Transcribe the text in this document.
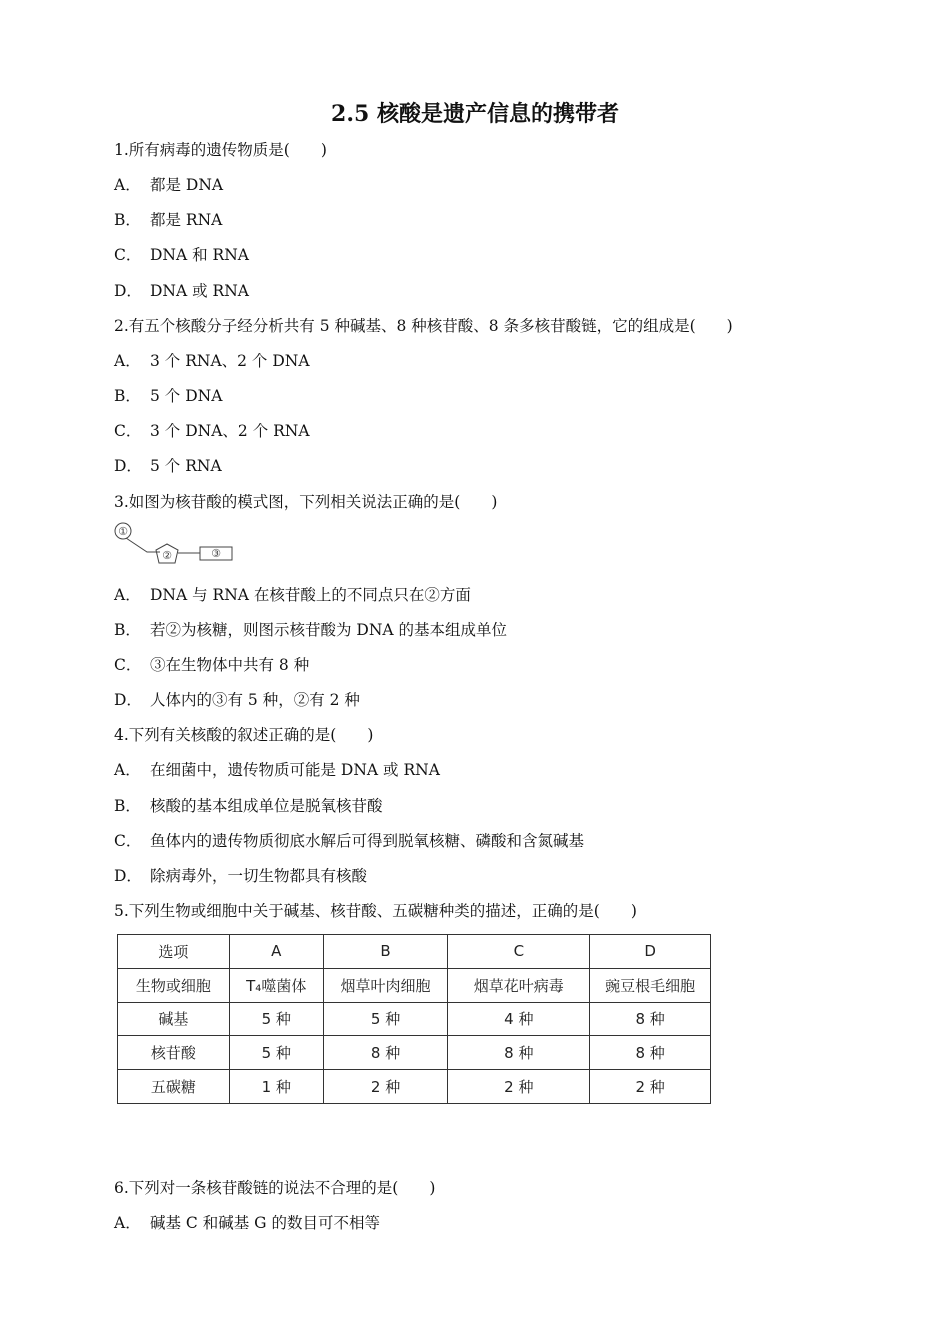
2.5 核酸是遗产信息的携带者
1.所有病毒的遗传物质是(　　)
A． 都是 DNA
B． 都是 RNA
C． DNA 和 RNA
D． DNA 或 RNA
2.有五个核酸分子经分析共有 5 种碱基、8 种核苷酸、8 条多核苷酸链，它的组成是(　　)
A． 3 个 RNA、2 个 DNA
B． 5 个 DNA
C． 3 个 DNA、2 个 RNA
D． 5 个 RNA
3.如图为核苷酸的模式图，下列相关说法正确的是(　　)
①
②	③
A． DNA 与 RNA 在核苷酸上的不同点只在②方面
B． 若②为核糖，则图示核苷酸为 DNA 的基本组成单位
C． ③在生物体中共有 8 种
D． 人体内的③有 5 种，②有 2 种
4.下列有关核酸的叙述正确的是(　　)
A． 在细菌中，遗传物质可能是 DNA 或 RNA
B． 核酸的基本组成单位是脱氧核苷酸
C． 鱼体内的遗传物质彻底水解后可得到脱氧核糖、磷酸和含氮碱基
D． 除病毒外，一切生物都具有核酸
5.下列生物或细胞中关于碱基、核苷酸、五碳糖种类的描述，正确的是(　　)
选项	A	B	C	D
生物或细胞	T₄噬菌体	烟草叶肉细胞	烟草花叶病毒	豌豆根毛细胞
碱基	5 种	5 种	4 种	8 种
核苷酸	5 种	8 种	8 种	8 种
五碳糖	1 种	2 种	2 种	2 种
6.下列对一条核苷酸链的说法不合理的是(　　)
A． 碱基 C 和碱基 G 的数目可不相等
